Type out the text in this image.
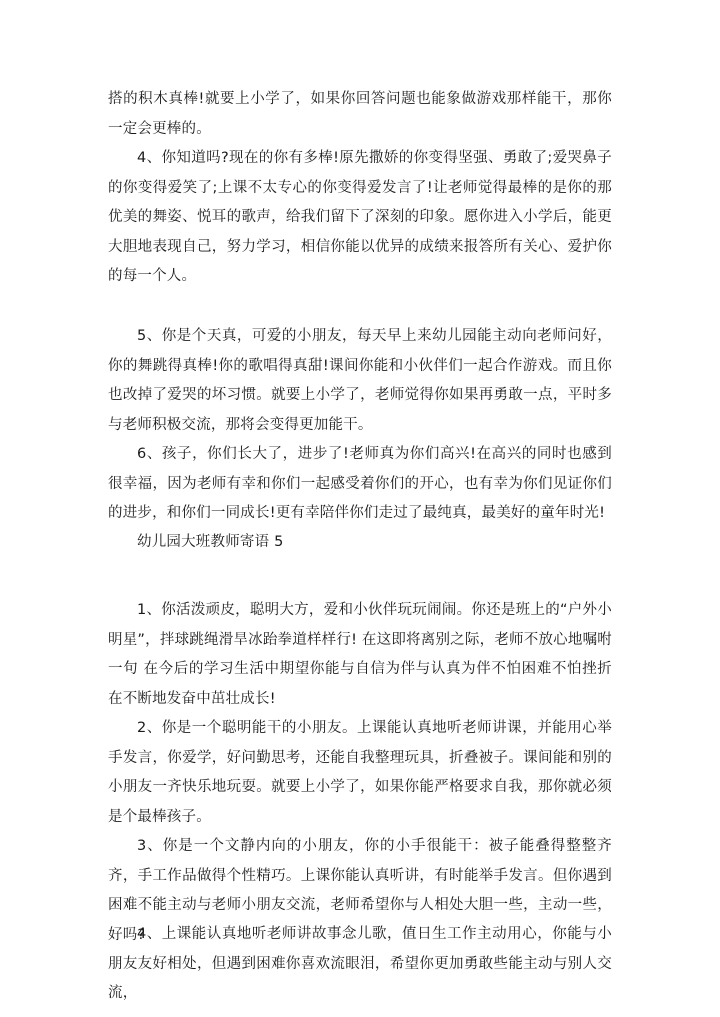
搭的积木真棒!就要上小学了，如果你回答问题也能象做游戏那样能干，那你一定会更棒的。

4、你知道吗?现在的你有多棒!原先撒娇的你变得坚强、勇敢了;爱哭鼻子的你变得爱笑了;上课不太专心的你变得爱发言了!让老师觉得最棒的是你的那优美的舞姿、悦耳的歌声，给我们留下了深刻的印象。愿你进入小学后，能更大胆地表现自己，努力学习，相信你能以优异的成绩来报答所有关心、爱护你的每一个人。

5、你是个天真，可爱的小朋友，每天早上来幼儿园能主动向老师问好，你的舞跳得真棒!你的歌唱得真甜!课间你能和小伙伴们一起合作游戏。而且你也改掉了爱哭的坏习惯。就要上小学了，老师觉得你如果再勇敢一点，平时多与老师积极交流，那将会变得更加能干。

6、孩子，你们长大了，进步了!老师真为你们高兴!在高兴的同时也感到很幸福，因为老师有幸和你们一起感受着你们的开心，也有幸为你们见证你们的进步，和你们一同成长!更有幸陪伴你们走过了最纯真，最美好的童年时光!

幼儿园大班教师寄语 5

1、你活泼顽皮，聪明大方，爱和小伙伴玩玩闹闹。你还是班上的“户外小明星”，拌球跳绳滑旱冰跆拳道样样行! 在这即将离别之际，老师不放心地嘱咐一句 在今后的学习生活中期望你能与自信为伴与认真为伴不怕困难不怕挫折在不断地发奋中茁壮成长!

2、你是一个聪明能干的小朋友。上课能认真地听老师讲课，并能用心举手发言，你爱学，好问勤思考，还能自我整理玩具，折叠被子。课间能和别的小朋友一齐快乐地玩耍。就要上小学了，如果你能严格要求自我，那你就必须是个最棒孩子。

3、你是一个文静内向的小朋友，你的小手很能干：被子能叠得整整齐齐，手工作品做得个性精巧。上课你能认真听讲，有时能举手发言。但你遇到困难不能主动与老师小朋友交流，老师希望你与人相处大胆一些，主动一些，好吗?

4、上课能认真地听老师讲故事念儿歌，值日生工作主动用心，你能与小朋友友好相处，但遇到困难你喜欢流眼泪，希望你更加勇敢些能主动与别人交流，
